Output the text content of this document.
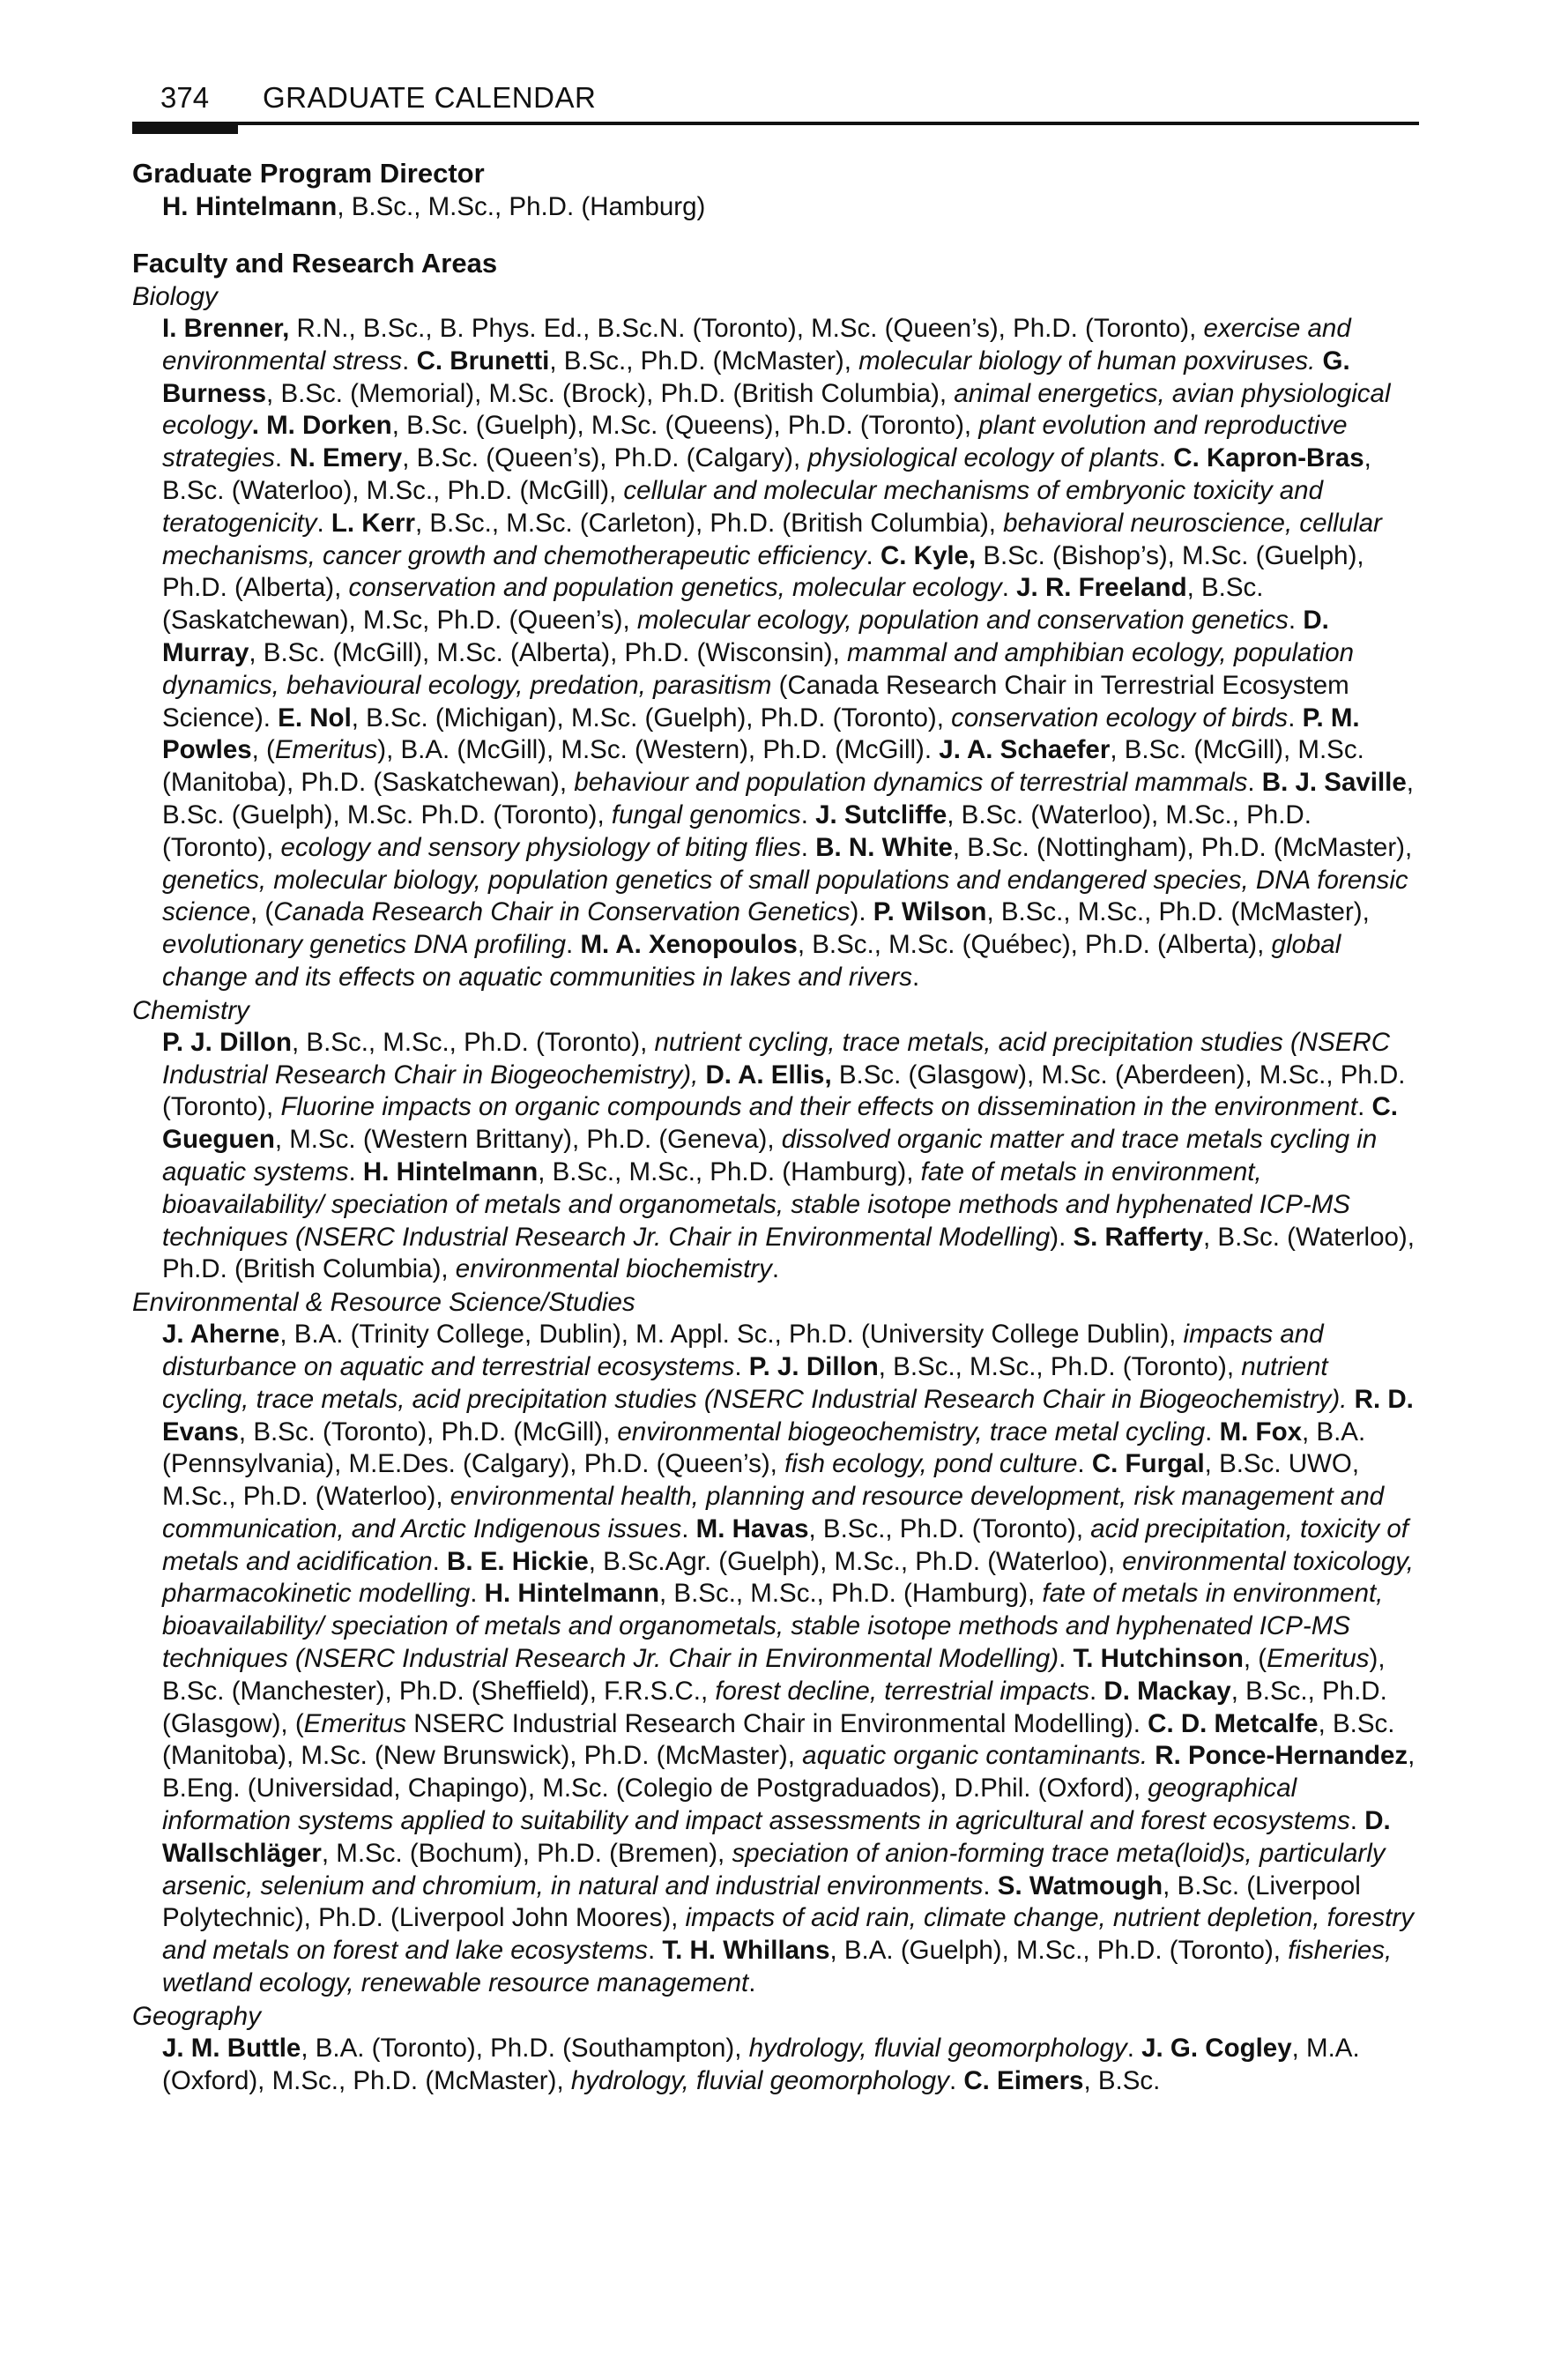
374 GRADUATE CALENDAR

Graduate Program Director

H. Hintelmann, B.Sc., M.Sc., Ph.D. (Hamburg)

Faculty and Research Areas

Biology

I. Brenner, R.N., B.Sc., B. Phys. Ed., B.Sc.N. (Toronto), M.Sc. (Queen’s), Ph.D. (Toronto), exercise and environmental stress. C. Brunetti, B.Sc., Ph.D. (McMaster), molecular biology of human poxviruses. G. Burness, B.Sc. (Memorial), M.Sc. (Brock), Ph.D. (British Columbia), animal energetics, avian physiological ecology. M. Dorken, B.Sc. (Guelph), M.Sc. (Queens), Ph.D. (Toronto), plant evolution and reproductive strategies. N. Emery, B.Sc. (Queen’s), Ph.D. (Calgary), physiological ecology of plants. C. Kapron-Bras, B.Sc. (Waterloo), M.Sc., Ph.D. (McGill), cellular and molecular mechanisms of embryonic toxicity and teratogenicity. L. Kerr, B.Sc., M.Sc. (Carleton), Ph.D. (British Columbia), behavioral neuroscience, cellular mechanisms, cancer growth and chemotherapeutic efficiency. C. Kyle, B.Sc. (Bishop’s), M.Sc. (Guelph), Ph.D. (Alberta), conservation and population genetics, molecular ecology. J. R. Freeland, B.Sc. (Saskatchewan), M.Sc, Ph.D. (Queen’s), molecular ecology, population and conservation genetics. D. Murray, B.Sc. (McGill), M.Sc. (Alberta), Ph.D. (Wisconsin), mammal and amphibian ecology, population dynamics, behavioural ecology, predation, parasitism (Canada Research Chair in Terrestrial Ecosystem Science). E. Nol, B.Sc. (Michigan), M.Sc. (Guelph), Ph.D. (Toronto), conservation ecology of birds. P. M. Powles, (Emeritus), B.A. (McGill), M.Sc. (Western), Ph.D. (McGill). J. A. Schaefer, B.Sc. (McGill), M.Sc. (Manitoba), Ph.D. (Saskatchewan), behaviour and population dynamics of terrestrial mammals. B. J. Saville, B.Sc. (Guelph), M.Sc. Ph.D. (Toronto), fungal genomics. J. Sutcliffe, B.Sc. (Waterloo), M.Sc., Ph.D. (Toronto), ecology and sensory physiology of biting flies. B. N. White, B.Sc. (Nottingham), Ph.D. (McMaster), genetics, molecular biology, population genetics of small populations and endangered species, DNA forensic science, (Canada Research Chair in Conservation Genetics). P. Wilson, B.Sc., M.Sc., Ph.D. (McMaster), evolutionary genetics DNA profiling. M. A. Xenopoulos, B.Sc., M.Sc. (Québec), Ph.D. (Alberta), global change and its effects on aquatic communities in lakes and rivers.

Chemistry

P. J. Dillon, B.Sc., M.Sc., Ph.D. (Toronto), nutrient cycling, trace metals, acid precipitation studies (NSERC Industrial Research Chair in Biogeochemistry), D. A. Ellis, B.Sc. (Glasgow), M.Sc. (Aberdeen), M.Sc., Ph.D. (Toronto), Fluorine impacts on organic compounds and their effects on dissemination in the environment. C. Gueguen, M.Sc. (Western Brittany), Ph.D. (Geneva), dissolved organic matter and trace metals cycling in aquatic systems. H. Hintelmann, B.Sc., M.Sc., Ph.D. (Hamburg), fate of metals in environment, bioavailability/ speciation of metals and organometals, stable isotope methods and hyphenated ICP-MS techniques (NSERC Industrial Research Jr. Chair in Environmental Modelling). S. Rafferty, B.Sc. (Waterloo), Ph.D. (British Columbia), environmental biochemistry.

Environmental & Resource Science/Studies

J. Aherne, B.A. (Trinity College, Dublin), M. Appl. Sc., Ph.D. (University College Dublin), impacts and disturbance on aquatic and terrestrial ecosystems. P. J. Dillon, B.Sc., M.Sc., Ph.D. (Toronto), nutrient cycling, trace metals, acid precipitation studies (NSERC Industrial Research Chair in Biogeochemistry). R. D. Evans, B.Sc. (Toronto), Ph.D. (McGill), environmental biogeochemistry, trace metal cycling. M. Fox, B.A. (Pennsylvania), M.E.Des. (Calgary), Ph.D. (Queen’s), fish ecology, pond culture. C. Furgal, B.Sc. UWO, M.Sc., Ph.D. (Waterloo), environmental health, planning and resource development, risk management and communication, and Arctic Indigenous issues. M. Havas, B.Sc., Ph.D. (Toronto), acid precipitation, toxicity of metals and acidification. B. E. Hickie, B.Sc.Agr. (Guelph), M.Sc., Ph.D. (Waterloo), environmental toxicology, pharmacokinetic modelling. H. Hintelmann, B.Sc., M.Sc., Ph.D. (Hamburg), fate of metals in environment, bioavailability/ speciation of metals and organometals, stable isotope methods and hyphenated ICP-MS techniques (NSERC Industrial Research Jr. Chair in Environmental Modelling). T. Hutchinson, (Emeritus), B.Sc. (Manchester), Ph.D. (Sheffield), F.R.S.C., forest decline, terrestrial impacts. D. Mackay, B.Sc., Ph.D. (Glasgow), (Emeritus NSERC Industrial Research Chair in Environmental Modelling). C. D. Metcalfe, B.Sc. (Manitoba), M.Sc. (New Brunswick), Ph.D. (McMaster), aquatic organic contaminants. R. Ponce-Hernandez, B.Eng. (Universidad, Chapingo), M.Sc. (Colegio de Postgraduados), D.Phil. (Oxford), geographical information systems applied to suitability and impact assessments in agricultural and forest ecosystems. D. Wallschläger, M.Sc. (Bochum), Ph.D. (Bremen), speciation of anion-forming trace meta(loid)s, particularly arsenic, selenium and chromium, in natural and industrial environments. S. Watmough, B.Sc. (Liverpool Polytechnic), Ph.D. (Liverpool John Moores), impacts of acid rain, climate change, nutrient depletion, forestry and metals on forest and lake ecosystems. T. H. Whillans, B.A. (Guelph), M.Sc., Ph.D. (Toronto), fisheries, wetland ecology, renewable resource management.

Geography

J. M. Buttle, B.A. (Toronto), Ph.D. (Southampton), hydrology, fluvial geomorphology. J. G. Cogley, M.A. (Oxford), M.Sc., Ph.D. (McMaster), hydrology, fluvial geomorphology. C. Eimers, B.Sc.
